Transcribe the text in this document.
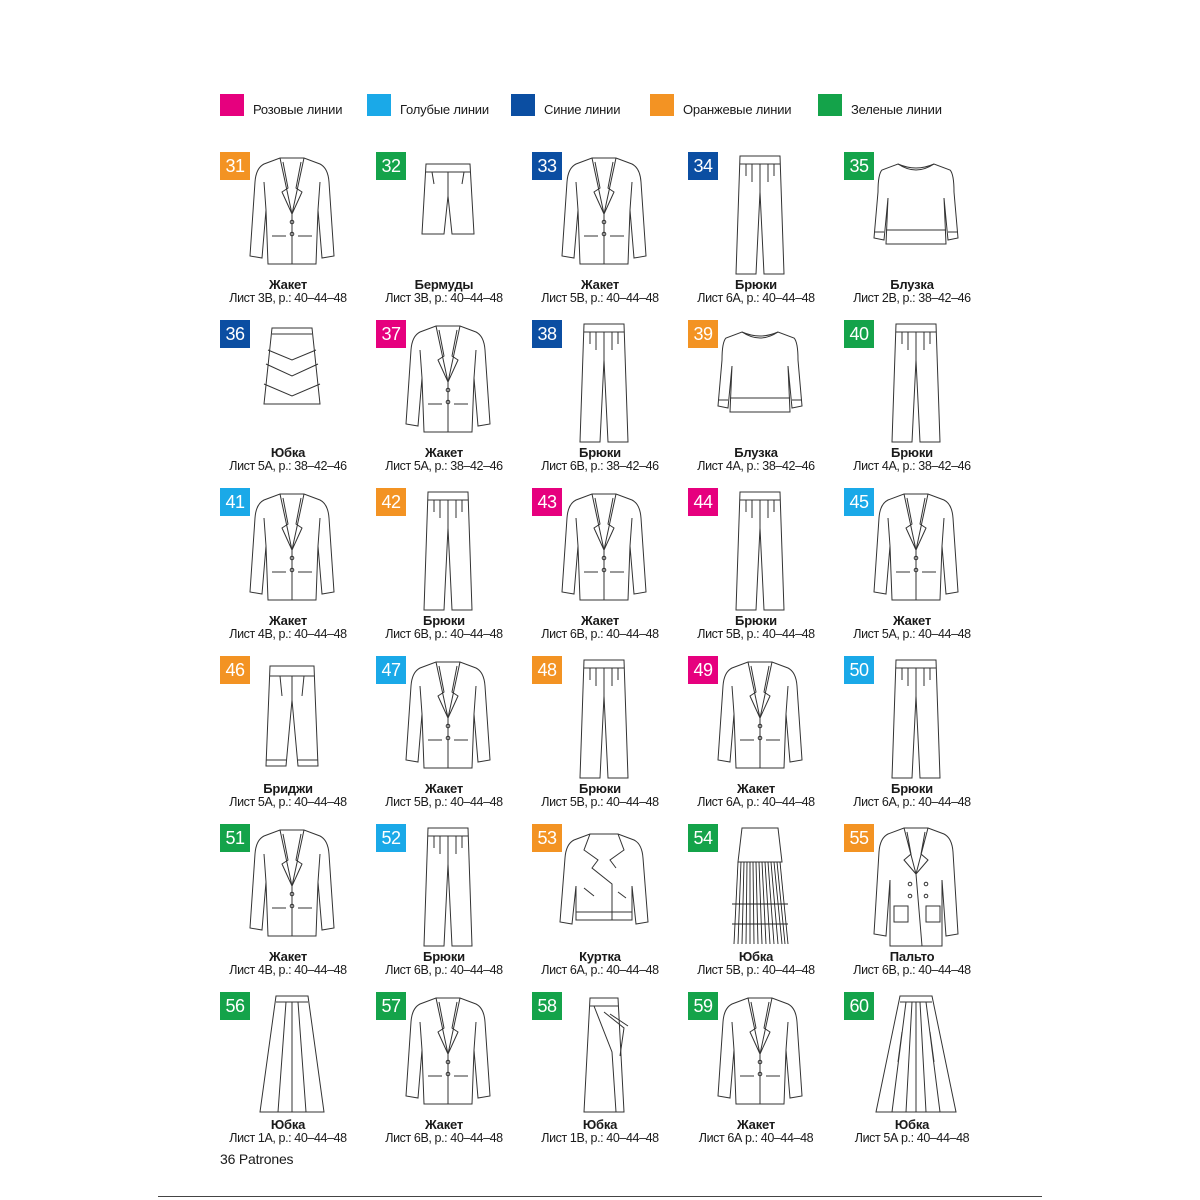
Розовые линии	Голубые линии	Синие линии	Оранжевые линии	Зеленые линии
31
Жакет
Лист 3В, р.: 40–44–48
32
Бермуды
Лист 3В, р.: 40–44–48
33
Жакет
Лист 5В, р.: 40–44–48
34
Брюки
Лист 6А, р.: 40–44–48
35
Блузка
Лист 2В, р.: 38–42–46
36
Юбка
Лист 5А, р.: 38–42–46
37
Жакет
Лист 5А, р.: 38–42–46
38
Брюки
Лист 6В, р.: 38–42–46
39
Блузка
Лист 4А, р.: 38–42–46
40
Брюки
Лист 4А, р.: 38–42–46
41
Жакет
Лист 4В, р.: 40–44–48
42
Брюки
Лист 6В, р.: 40–44–48
43
Жакет
Лист 6В, р.: 40–44–48
44
Брюки
Лист 5В, р.: 40–44–48
45
Жакет
Лист 5А, р.: 40–44–48
46
Бриджи
Лист 5А, р.: 40–44–48
47
Жакет
Лист 5В, р.: 40–44–48
48
Брюки
Лист 5В, р.: 40–44–48
49
Жакет
Лист 6А, р.: 40–44–48
50
Брюки
Лист 6А, р.: 40–44–48
51
Жакет
Лист 4В, р.: 40–44–48
52
Брюки
Лист 6В, р.: 40–44–48
53
Куртка
Лист 6А, р.: 40–44–48
54
Юбка
Лист 5В, р.: 40–44–48
55
Пальто
Лист 6В, р.: 40–44–48
56
Юбка
Лист 1А, р.: 40–44–48
57
Жакет
Лист 6В, р.: 40–44–48
58
Юбка
Лист 1В, р.: 40–44–48
59
Жакет
Лист 6А р.: 40–44–48
60
Юбка
Лист 5А р.: 40–44–48
36 Patrones
